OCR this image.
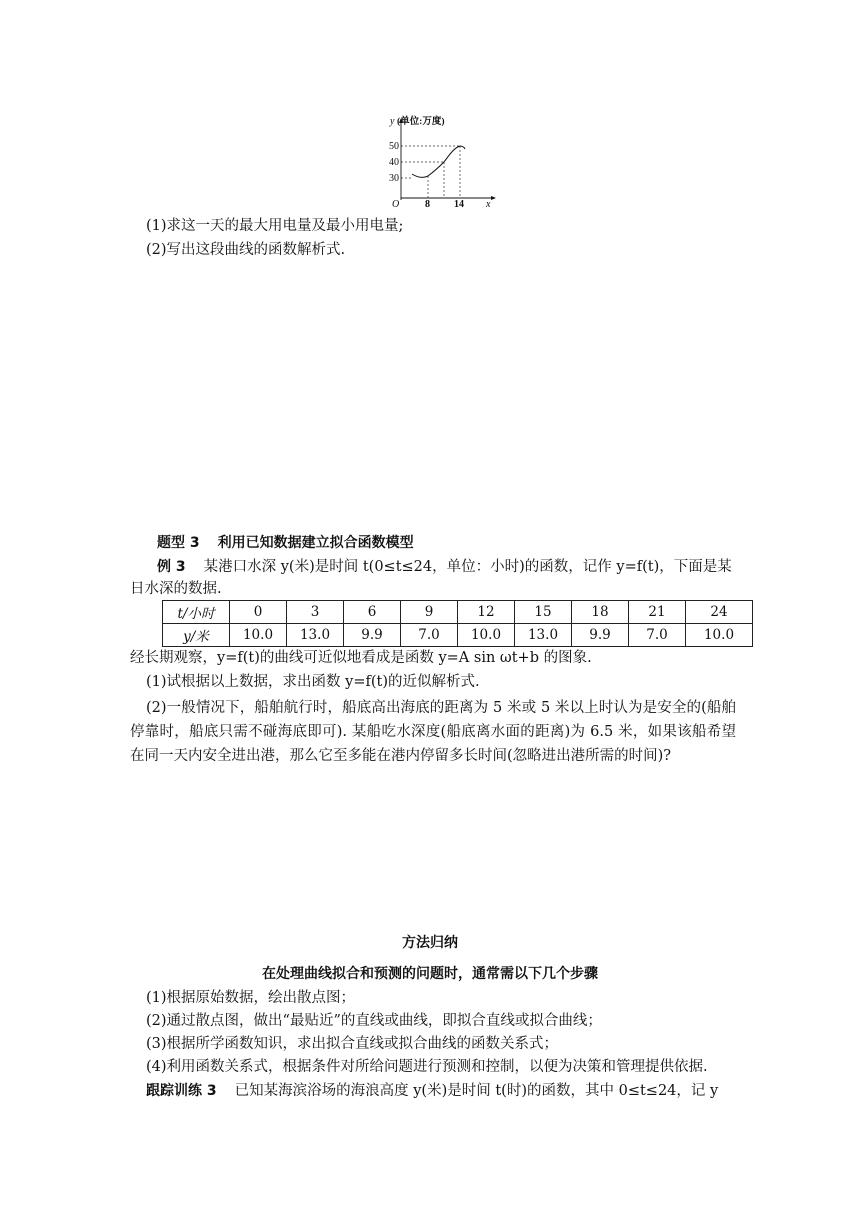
y (单位:万度)
50
40
30
O	8 14 x
(1)求这一天的最大用电量及最小用电量;
(2)写出这段曲线的函数解析式.
题型 3 利用已知数据建立拟合函数模型
例 3 某港口水深 y(米)是时间 t(0≤t≤24，单位：小时)的函数，记作 y=f(t)，下面是某
日水深的数据.
t/小时	0	3	6	9	12	15	18	21	24
y/米	10.0	13.0	9.9	7.0	10.0	13.0	9.9	7.0	10.0
经长期观察，y=f(t)的曲线可近似地看成是函数 y=A sin ωt+b 的图象.
(1)试根据以上数据，求出函数 y=f(t)的近似解析式.
(2)一般情况下，船舶航行时，船底高出海底的距离为 5 米或 5 米以上时认为是安全的(船舶停靠时，船底只需不碰海底即可). 某船吃水深度(船底离水面的距离)为 6.5 米，如果该船希望在同一天内安全进出港，那么它至多能在港内停留多长时间(忽略进出港所需的时间)?
方法归纳
在处理曲线拟合和预测的问题时，通常需以下几个步骤
(1)根据原始数据，绘出散点图；
(2)通过散点图，做出“最贴近”的直线或曲线，即拟合直线或拟合曲线；
(3)根据所学函数知识，求出拟合直线或拟合曲线的函数关系式；
(4)利用函数关系式，根据条件对所给问题进行预测和控制，以便为决策和管理提供依据.
跟踪训练 3 已知某海滨浴场的海浪高度 y(米)是时间 t(时)的函数，其中 0≤t≤24，记 y
